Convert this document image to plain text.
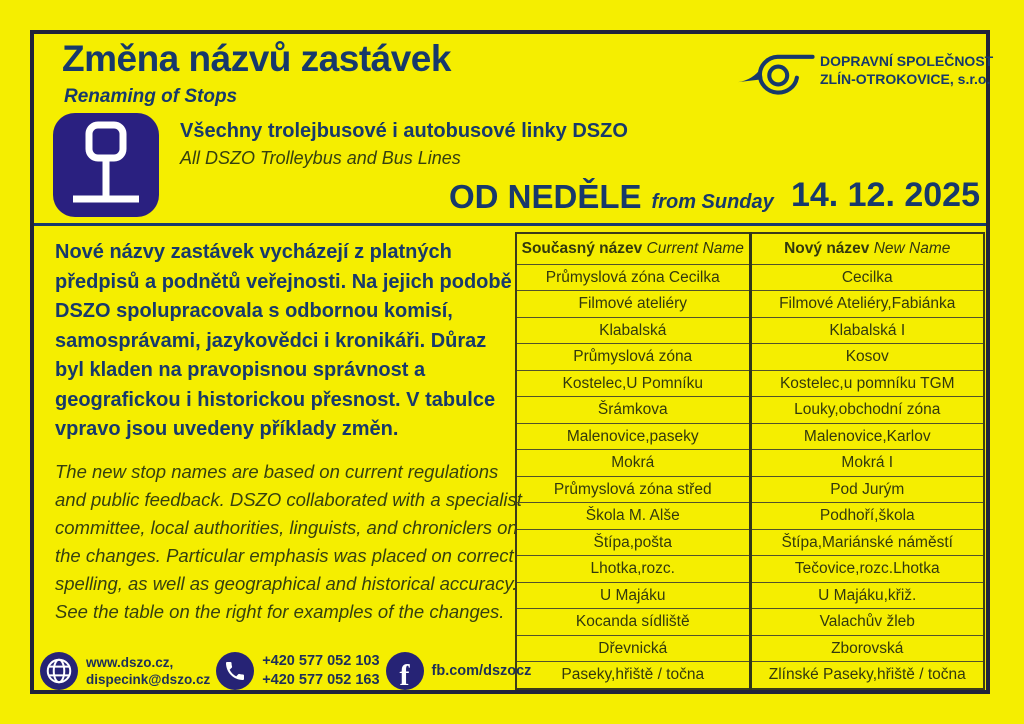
Změna názvů zastávek
Renaming of Stops
DOPRAVNÍ SPOLEČNOST
ZLÍN-OTROKOVICE, s.r.o.
Všechny trolejbusové i autobusové linky DSZO
All DSZO Trolleybus and Bus Lines
OD NEDĚLE from Sunday 14. 12. 2025
Nové názvy zastávek vycházejí z platných předpisů a podnětů veřejnosti. Na jejich podobě DSZO spolupracovala s odbornou komisí, samosprávami, jazykovědci i kronikáři. Důraz byl kladen na pravopisnou správnost a geografickou i historickou přesnost. V tabulce vpravo jsou uvedeny příklady změn.
The new stop names are based on current regulations and public feedback. DSZO collaborated with a specialist committee, local authorities, linguists, and chroniclers on the changes. Particular emphasis was placed on correct spelling, as well as geographical and historical accuracy. See the table on the right for examples of the changes.
Současný název Current Name	Nový název New Name
Průmyslová zóna Cecilka	Cecilka
Filmové ateliéry	Filmové Ateliéry,Fabiánka
Klabalská	Klabalská I
Průmyslová zóna	Kosov
Kostelec,U Pomníku	Kostelec,u pomníku TGM
Šrámkova	Louky,obchodní zóna
Malenovice,paseky	Malenovice,Karlov
Mokrá	Mokrá I
Průmyslová zóna střed	Pod Jurým
Škola M. Alše	Podhoří,škola
Štípa,pošta	Štípa,Mariánské náměstí
Lhotka,rozc.	Tečovice,rozc.Lhotka
U Majáku	U Majáku,křiž.
Kocanda sídliště	Valachův žleb
Dřevnická	Zborovská
Paseky,hřiště / točna	Zlínské Paseky,hřiště / točna
www.dszo.cz,
dispecink@dszo.cz
+420 577 052 103
+420 577 052 163 f fb.com/dszocz
